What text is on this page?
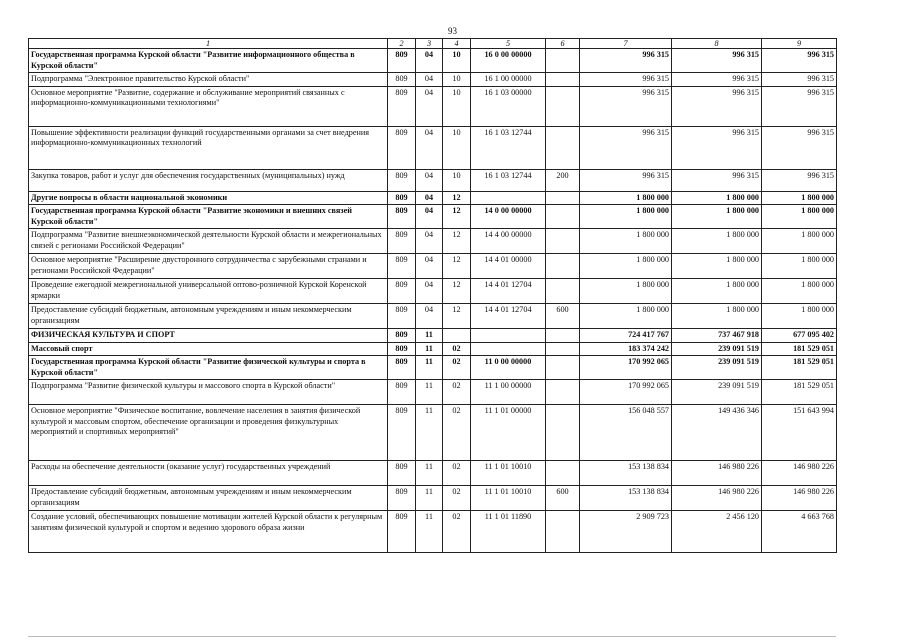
93
1	2	3	4	5	6	7	8	9
Государственная программа Курской области "Развитие информационного общества в Курской области"	809	04	10	16 0 00 00000		996 315	996 315	996 315
Подпрограмма "Электронное правительство Курской области"	809	04	10	16 1 00 00000		996 315	996 315	996 315
Основное мероприятие "Развитие, содержание и обслуживание мероприятий связанных с информационно-коммуникационными технологиями"	809	04	10	16 1 03 00000		996 315	996 315	996 315
Повышение эффективности реализации функций государственными органами за счет внедрения информационно-коммуникационных технологий	809	04	10	16 1 03 12744		996 315	996 315	996 315
Закупка товаров, работ и услуг для обеспечения государственных (муниципальных) нужд	809	04	10	16 1 03 12744	200	996 315	996 315	996 315
Другие вопросы в области национальной экономики	809	04	12			1 800 000	1 800 000	1 800 000
Государственная программа Курской области "Развитие экономики и внешних связей Курской области"	809	04	12	14 0 00 00000		1 800 000	1 800 000	1 800 000
Подпрограмма "Развитие внешнеэкономической деятельности Курской области и межрегиональных связей с регионами Российской Федерации"	809	04	12	14 4 00 00000		1 800 000	1 800 000	1 800 000
Основное мероприятие "Расширение двусторонного сотрудничества с зарубежными странами и регионами Российской Федерации"	809	04	12	14 4 01 00000		1 800 000	1 800 000	1 800 000
Проведение ежегодной межрегиональной универсальной оптово-розничной Курской Коренской ярмарки	809	04	12	14 4 01 12704		1 800 000	1 800 000	1 800 000
Предоставление субсидий бюджетным, автономным учреждениям и иным некоммерческим организациям	809	04	12	14 4 01 12704	600	1 800 000	1 800 000	1 800 000
ФИЗИЧЕСКАЯ КУЛЬТУРА И СПОРТ	809	11				724 417 767	737 467 918	677 095 402
Массовый спорт	809	11	02			183 374 242	239 091 519	181 529 051
Государственная программа Курской области "Развитие физической культуры и спорта в Курской области"	809	11	02	11 0 00 00000		170 992 065	239 091 519	181 529 051
Подпрограмма "Развитие физической культуры и массового спорта в Курской области"	809	11	02	11 1 00 00000		170 992 065	239 091 519	181 529 051
Основное мероприятие "Физическое воспитание, вовлечение населения в занятия физической культурой и массовым спортом, обеспечение организации и проведения физкультурных мероприятий и спортивных мероприятий"	809	11	02	11 1 01 00000		156 048 557	149 436 346	151 643 994
Расходы на обеспечение деятельности (оказание услуг) государственных учреждений	809	11	02	11 1 01 10010		153 138 834	146 980 226	146 980 226
Предоставление субсидий бюджетным, автономным учреждениям и иным некоммерческим организациям	809	11	02	11 1 01 10010	600	153 138 834	146 980 226	146 980 226
Создание условий, обеспечивающих повышение мотивации жителей Курской области к регулярным занятиям физической культурой и спортом и ведению здорового образа жизни	809	11	02	11 1 01 11890		2 909 723	2 456 120	4 663 768
